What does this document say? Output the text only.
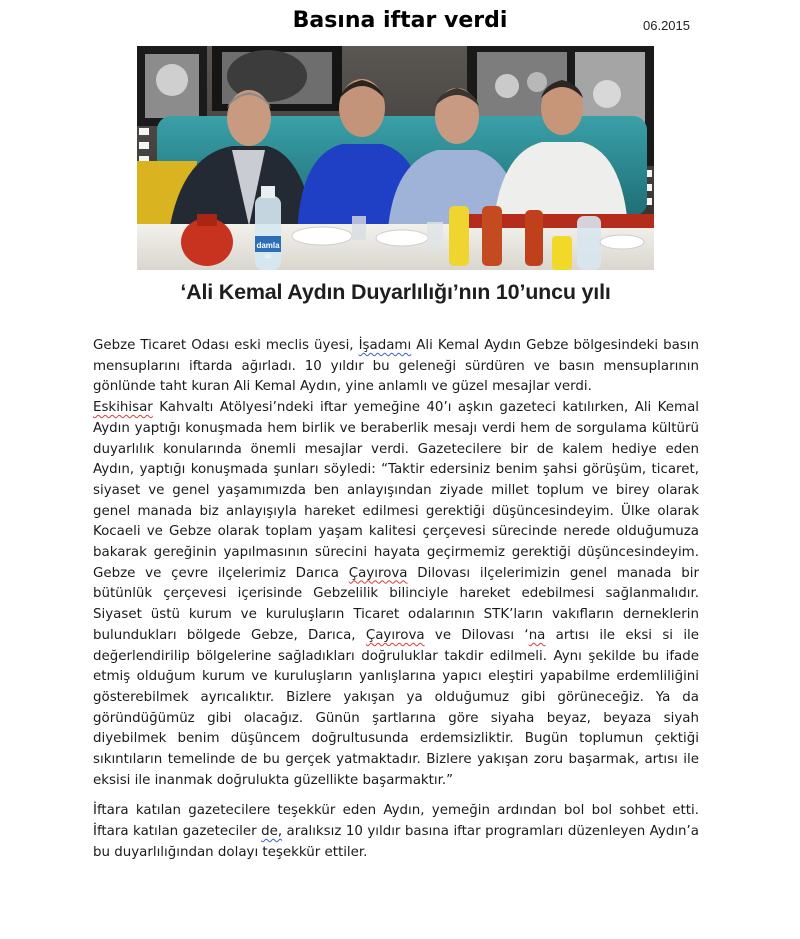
Basına iftar verdi	06.2015
damla
su
‘Ali Kemal Aydın Duyarlılığı’nın 10’uncu yılı

Gebze Ticaret Odası eski meclis üyesi, İşadamı Ali Kemal Aydın Gebze bölgesindeki basın mensuplarını iftarda ağırladı. 10 yıldır bu geleneği sürdüren ve basın mensuplarının gönlünde taht kuran Ali Kemal Aydın, yine anlamlı ve güzel mesajlar verdi.

Eskihisar Kahvaltı Atölyesi’ndeki iftar yemeğine 40’ı aşkın gazeteci katılırken, Ali Kemal Aydın yaptığı konuşmada hem birlik ve beraberlik mesajı verdi hem de sorgulama kültürü duyarlılık konularında önemli mesajlar verdi. Gazetecilere bir de kalem hediye eden Aydın, yaptığı konuşmada şunları söyledi: “Taktir edersiniz benim şahsi görüşüm, ticaret, siyaset ve genel yaşamımızda ben anlayışından ziyade millet toplum ve birey olarak genel manada biz anlayışıyla hareket edilmesi gerektiği düşüncesindeyim. Ülke olarak Kocaeli ve Gebze olarak toplam yaşam kalitesi çerçevesi sürecinde nerede olduğumuza bakarak gereğinin yapılmasının sürecini hayata geçirmemiz gerektiği düşüncesindeyim. Gebze ve çevre ilçelerimiz Darıca Çayırova Dilovası ilçelerimizin genel manada bir bütünlük çerçevesi içerisinde Gebzelilik bilinciyle hareket edebilmesi sağlanmalıdır. Siyaset üstü kurum ve kuruluşların Ticaret odalarının STK’ların vakıfların derneklerin bulundukları bölgede Gebze, Darıca, Çayırova ve Dilovası ‘na artısı ile eksi si ile değerlendirilip bölgelerine sağladıkları doğruluklar takdir edilmeli. Aynı şekilde bu ifade etmiş olduğum kurum ve kuruluşların yanlışlarına yapıcı eleştiri yapabilme erdemliliğini gösterebilmek ayrıcalıktır. Bizlere yakışan ya olduğumuz gibi görüneceğiz. Ya da göründüğümüz gibi olacağız. Günün şartlarına göre siyaha beyaz, beyaza siyah diyebilmek benim düşüncem doğrultusunda erdemsizliktir. Bugün toplumun çektiği sıkıntıların temelinde de bu gerçek yatmaktadır. Bizlere yakışan zoru başarmak, artısı ile eksisi ile inanmak doğrulukta güzellikte başarmaktır.”

İftara katılan gazetecilere teşekkür eden Aydın, yemeğin ardından bol bol sohbet etti. İftara katılan gazeteciler de, aralıksız 10 yıldır basına iftar programları düzenleyen Aydın’a bu duyarlılığından dolayı teşekkür ettiler.
